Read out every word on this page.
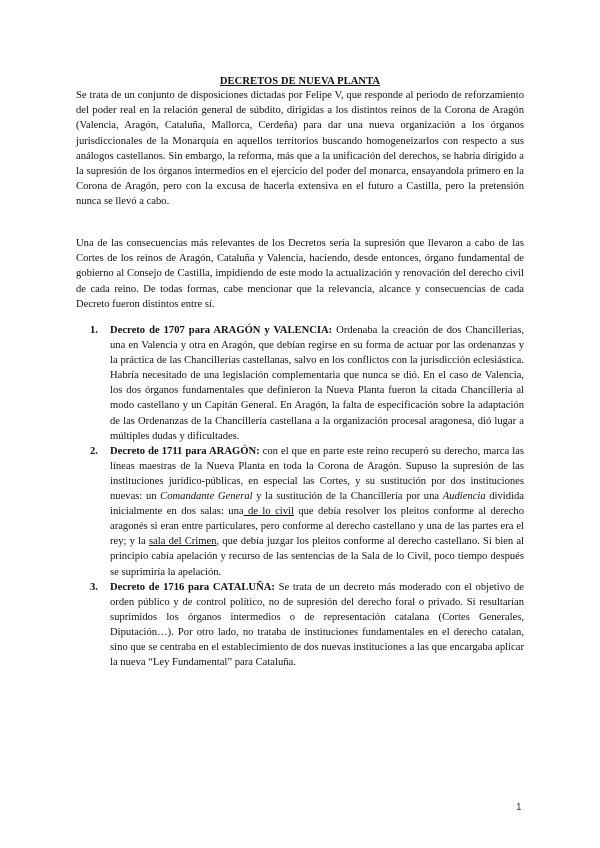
DECRETOS DE NUEVA PLANTA

Se trata de un conjunto de disposiciones dictadas por Felipe V, que responde al periodo de reforzamiento del poder real en la relación general de súbdito, dirigidas a los distintos reinos de la Corona de Aragón (Valencia, Aragón, Cataluña, Mallorca, Cerdeña) para dar una nueva organización a los órganos jurisdiccionales de la Monarquía en aquellos territorios buscando homogeneizarlos con respecto a sus análogos castellanos. Sin embargo, la reforma, más que a la unificación del derechos, se habría dirigido a la supresión de los órganos intermedios en el ejercicio del poder del monarca, ensayandola primero en la Corona de Aragón, pero con la excusa de hacerla extensiva en el futuro a Castilla, pero la pretensión nunca se llevó a cabo.

Una de las consecuencias más relevantes de los Decretos sería la supresión que llevaron a cabo de las Cortes de los reinos de Aragón, Cataluña y Valencia, haciendo, desde entonces, órgano fundamental de gobierno al Consejo de Castilla, impidiendo de este modo la actualización y renovación del derecho civil de cada reino. De todas formas, cabe mencionar que la relevancia, alcance y consecuencias de cada Decreto fueron distintos entre sí.

1. Decreto de 1707 para ARAGÓN y VALENCIA: Ordenaba la creación de dos Chancillerías, una en Valencia y otra en Aragón, que debían regirse en su forma de actuar por las ordenanzas y la práctica de las Chancillerías castellanas, salvo en los conflictos con la jurisdicción eclesiástica. Habría necesitado de una legislación complementaria que nunca se dió. En el caso de Valencia, los dos órganos fundamentales que definieron la Nueva Planta fueron la citada Chancillería al modo castellano y un Capitán General. En Aragón, la falta de especificación sobre la adaptación de las Ordenanzas de la Chancillería castellana a la organización procesal aragonesa, dió lugar a múltiples dudas y dificultades.
2. Decreto de 1711 para ARAGÓN: con el que en parte este reino recuperó su derecho, marca las líneas maestras de la Nueva Planta en toda la Corona de Aragón. Supuso la supresión de las instituciones jurídico-públicas, en especial las Cortes, y su sustitución por dos instituciones nuevas: un Comandante General y la sustitución de la Chancillería por una Audiencia dividida inicialmente en dos salas: una de lo civil que debía resolver los pleitos conforme al derecho aragonés si eran entre particulares, pero conforme al derecho castellano y una de las partes era el rey; y la sala del Crimen, que debía juzgar los pleitos conforme al derecho castellano. Si bien al principio cabía apelación y recurso de las sentencias de la Sala de lo Civil, poco tiempo después se suprimiría la apelación.
3. Decreto de 1716 para CATALUÑA: Se trata de un decreto más moderado con el objetivo de orden público y de control político, no de supresión del derecho foral o privado. Sí resultarían suprimidos los órganos intermedios o de representación catalana (Cortes Generales, Diputación…). Por otro lado, no trataba de instituciones fundamentales en el derecho catalan, sino que se centraba en el establecimiento de dos nuevas instituciones a las que encargaba aplicar la nueva “Ley Fundamental” para Cataluña.
1
